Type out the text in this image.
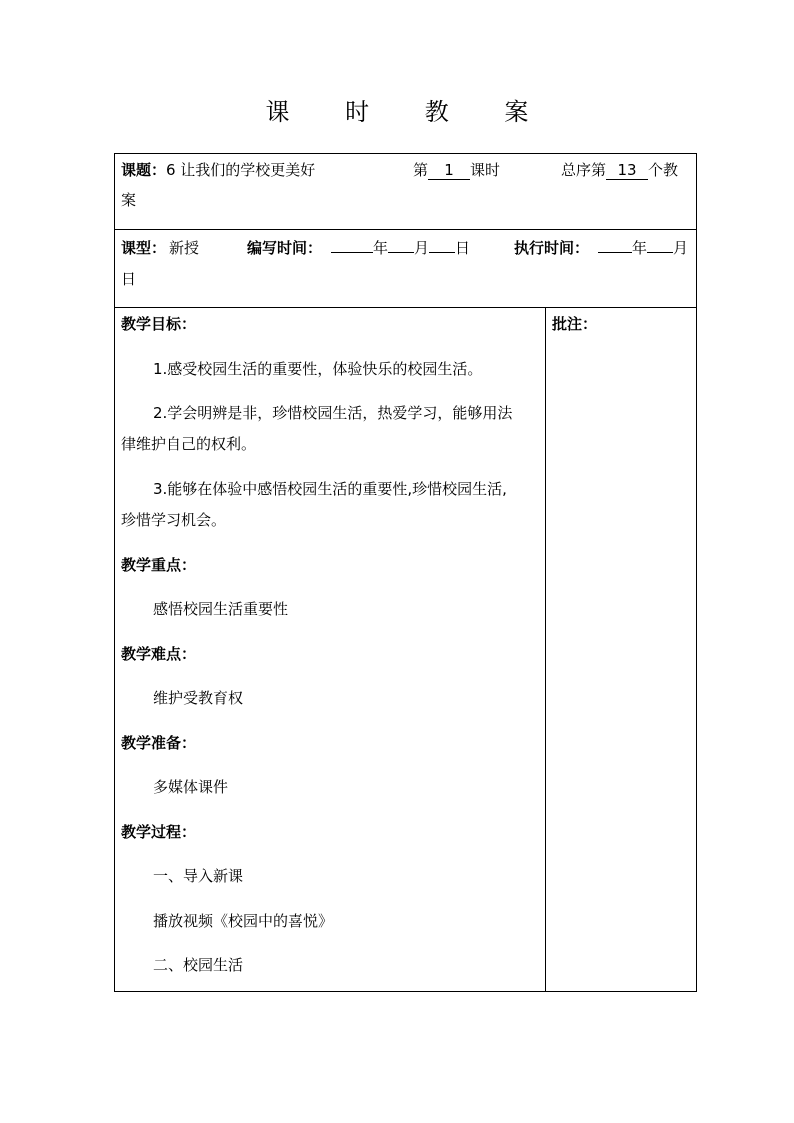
课 时 教 案
课题： 6 让我们的学校更美好	第 1 课时	总序第 13 个教
案
课型： 新授	编写时间：	年 月 日	执行时间：	年 月
日
教学目标：
1.感受校园生活的重要性，体验快乐的校园生活。
2.学会明辨是非，珍惜校园生活，热爱学习，能够用法
律维护自己的权利。
3.能够在体验中感悟校园生活的重要性,珍惜校园生活,
珍惜学习机会。
教学重点：
感悟校园生活重要性
教学难点：
维护受教育权
教学准备：
多媒体课件
教学过程：
一、导入新课
播放视频《校园中的喜悦》
二、校园生活
批注：
